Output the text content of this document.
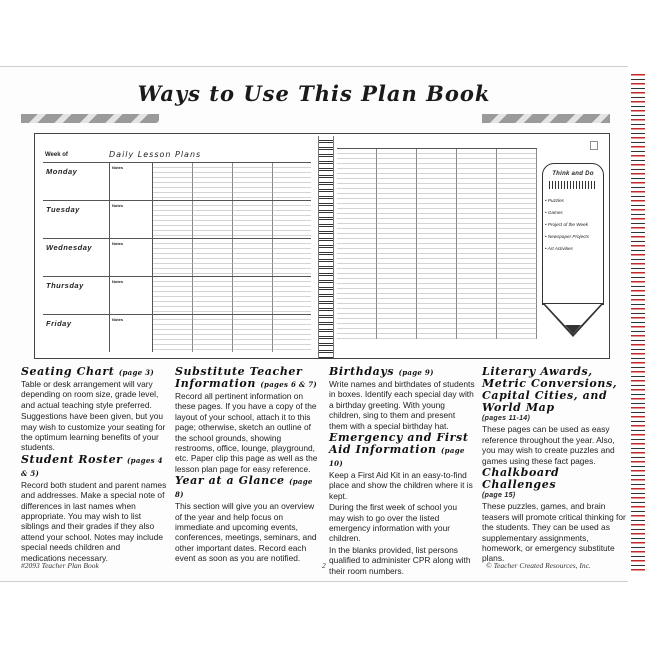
Ways to Use This Plan Book
Week of	Daily Lesson Plans
Monday	Notes
Tuesday	Notes
Wednesday	Notes
Thursday	Notes
Friday	Notes
Think and Do
• Puzzles
• Games
• Project of the Week
• Newspaper Projects
• Art Activities
Seating Chart (page 3)

Table or desk arrangement will vary depending on room size, grade level, and actual teaching style preferred.

Suggestions have been given, but you may wish to customize your seating for the optimum learning benefits of your students.

Student Roster (pages 4 & 5)

Record both student and parent names and addresses. Make a special note of differences in last names when appropriate. You may wish to list siblings and their grades if they also attend your school. Notes may include special needs children and medications necessary.

Substitute Teacher Information (pages 6 & 7)

Record all pertinent information on these pages. If you have a copy of the layout of your school, attach it to this page; otherwise, sketch an outline of the school grounds, showing restrooms, office, lounge, playground, etc. Paper clip this page as well as the lesson plan page for easy reference.

Year at a Glance (page 8)

This section will give you an overview of the year and help focus on immediate and upcoming events, conferences, meetings, seminars, and other important dates. Record each event as soon as you are notified.

Birthdays (page 9)

Write names and birthdates of students in boxes. Identify each special day with a birthday greeting. With young children, sing to them and present them with a special birthday hat.

Emergency and First Aid Information (page 10)

Keep a First Aid Kit in an easy-to-find place and show the children where it is kept.

During the first week of school you may wish to go over the listed emergency information with your children.

In the blanks provided, list persons qualified to administer CPR along with their room numbers.

Literary Awards, Metric Conversions, Capital Cities, and World Map
(pages 11-14)

These pages can be used as easy reference throughout the year. Also, you may wish to create puzzles and games using these fact pages.

Chalkboard Challenges
(page 15)

These puzzles, games, and brain teasers will promote critical thinking for the students. They can be used as supplementary assignments, homework, or emergency substitute plans.

#2093 Teacher Plan Book	2	© Teacher Created Resources, Inc.
